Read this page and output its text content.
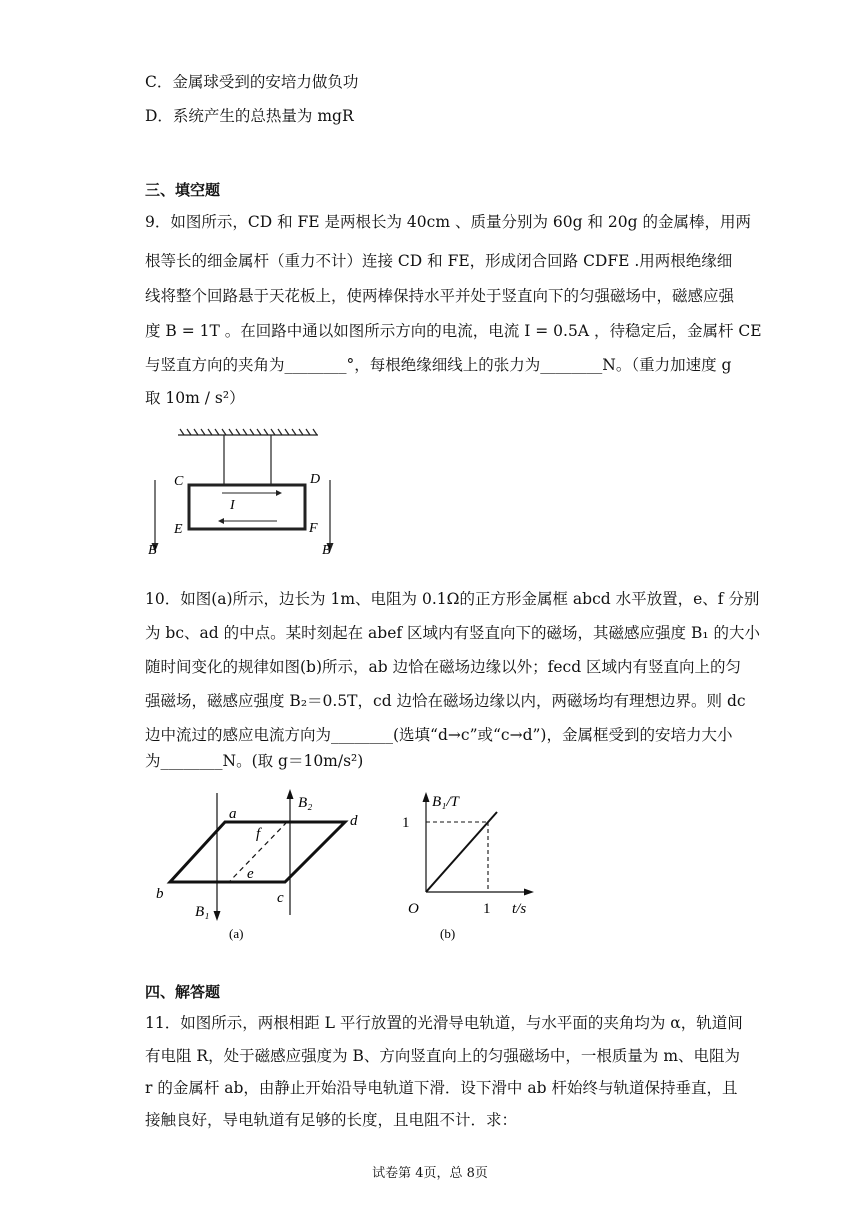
C．金属球受到的安培力做负功
D．系统产生的总热量为 mgR
三、填空题
9．如图所示，CD 和 FE 是两根长为 40cm 、质量分别为 60g 和 20g 的金属棒，用两
根等长的细金属杆（重力不计）连接 CD 和 FE，形成闭合回路 CDFE .用两根绝缘细
线将整个回路悬于天花板上，使两棒保持水平并处于竖直向下的匀强磁场中，磁感应强
度 B = 1T 。在回路中通以如图所示方向的电流，电流 I = 0.5A ，待稳定后，金属杆 CE
与竖直方向的夹角为________°，每根绝缘细线上的张力为________N。（重力加速度 g
取 10m / s²）
C	D
E	F
I
B	B
10．如图(a)所示，边长为 1m、电阻为 0.1Ω的正方形金属框 abcd 水平放置，e、f 分别
为 bc、ad 的中点。某时刻起在 abef 区域内有竖直向下的磁场，其磁感应强度 B₁ 的大小
随时间变化的规律如图(b)所示，ab 边恰在磁场边缘以外；fecd 区域内有竖直向上的匀
强磁场，磁感应强度 B₂＝0.5T，cd 边恰在磁场边缘以内，两磁场均有理想边界。则 dc
边中流过的感应电流方向为________(选填“d→c”或“c→d”)，金属框受到的安培力大小
为________N。(取 g＝10m/s²)
a	d
b	c
e
f
B₂
B₁
(a)
B₁/T
t/s
O
1
1
(b)
四、解答题
11．如图所示，两根相距 L 平行放置的光滑导电轨道，与水平面的夹角均为 α，轨道间
有电阻 R，处于磁感应强度为 B、方向竖直向上的匀强磁场中，一根质量为 m、电阻为
r 的金属杆 ab，由静止开始沿导电轨道下滑．设下滑中 ab 杆始终与轨道保持垂直，且
接触良好，导电轨道有足够的长度，且电阻不计．求：
试卷第 4页，总 8页
